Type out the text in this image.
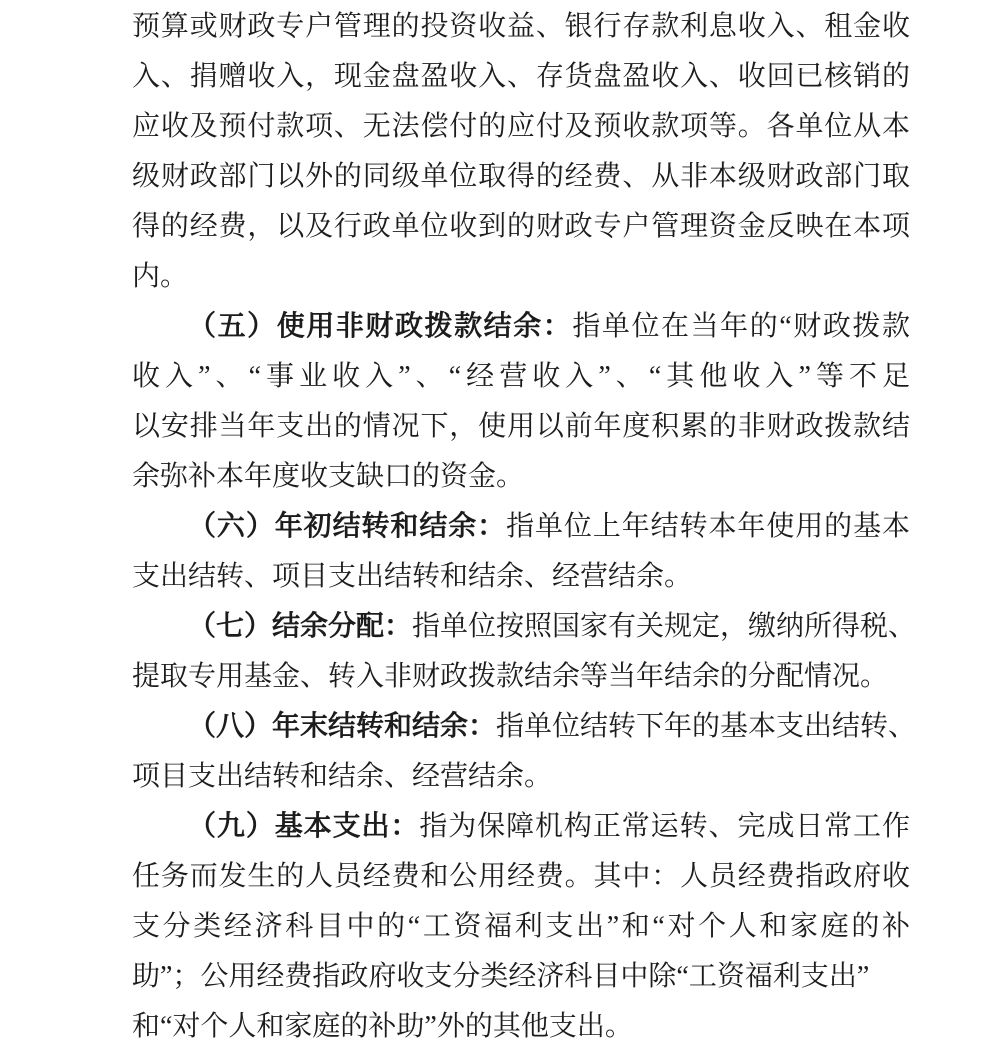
预算或财政专户管理的投资收益、银行存款利息收入、租金收
入、捐赠收入，现金盘盈收入、存货盘盈收入、收回已核销的
应收及预付款项、无法偿付的应付及预收款项等。各单位从本
级财政部门以外的同级单位取得的经费、从非本级财政部门取
得的经费，以及行政单位收到的财政专户管理资金反映在本项
内。
（五）使用非财政拨款结余：指单位在当年的“财政拨款
收入”、“事业收入”、“经营收入”、“其他收入”等不足
以安排当年支出的情况下，使用以前年度积累的非财政拨款结
余弥补本年度收支缺口的资金。
（六）年初结转和结余：指单位上年结转本年使用的基本
支出结转、项目支出结转和结余、经营结余。
（七）结余分配：指单位按照国家有关规定，缴纳所得税、
提取专用基金、转入非财政拨款结余等当年结余的分配情况。
（八）年末结转和结余：指单位结转下年的基本支出结转、
项目支出结转和结余、经营结余。
（九）基本支出：指为保障机构正常运转、完成日常工作
任务而发生的人员经费和公用经费。其中：人员经费指政府收
支分类经济科目中的“工资福利支出”和“对个人和家庭的补
助”；公用经费指政府收支分类经济科目中除“工资福利支出”
和“对个人和家庭的补助”外的其他支出。
